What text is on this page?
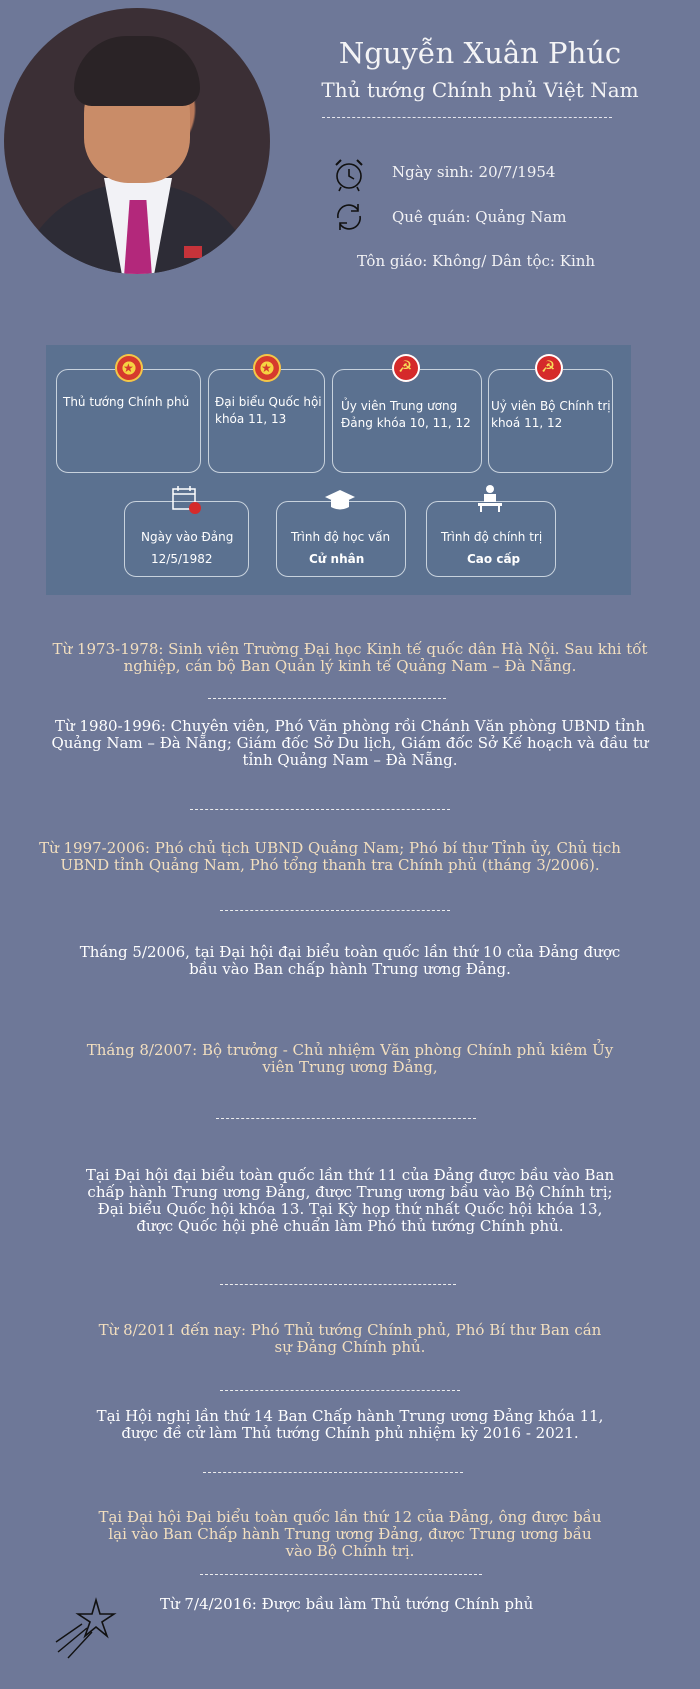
Nguyễn Xuân Phúc
Thủ tướng Chính phủ Việt Nam
Ngày sinh: 20/7/1954
Quê quán: Quảng Nam
Tôn giáo: Không/ Dân tộc: Kinh
Thủ tướng Chính phủ
★ Đại biểu Quốc hội
khóa 11, 13
★
Ủy viên Trung ương
Đảng khóa 10, 11, 12
☭
Uỷ viên Bộ Chính trị
khoá 11, 12
☭
Ngày vào Đảng
12/5/1982
Trình độ học vấn
Cử nhân
Trình độ chính trị
Cao cấp
Từ 1973-1978: Sinh viên Trường Đại học Kinh tế quốc dân Hà Nội. Sau khi tốt
nghiệp, cán bộ Ban Quản lý kinh tế Quảng Nam – Đà Nẵng.
Từ 1980-1996: Chuyên viên, Phó Văn phòng rồi Chánh Văn phòng UBND tỉnh
Quảng Nam – Đà Nẵng; Giám đốc Sở Du lịch, Giám đốc Sở Kế hoạch và đầu tư
tỉnh Quảng Nam – Đà Nẵng.
Từ 1997-2006: Phó chủ tịch UBND Quảng Nam; Phó bí thư Tỉnh ủy, Chủ tịch
UBND tỉnh Quảng Nam, Phó tổng thanh tra Chính phủ (tháng 3/2006).
Tháng 5/2006, tại Đại hội đại biểu toàn quốc lần thứ 10 của Đảng được
bầu vào Ban chấp hành Trung ương Đảng.
Tháng 8/2007: Bộ trưởng - Chủ nhiệm Văn phòng Chính phủ kiêm Ủy
viên Trung ương Đảng,
Tại Đại hội đại biểu toàn quốc lần thứ 11 của Đảng được bầu vào Ban
chấp hành Trung ương Đảng, được Trung ương bầu vào Bộ Chính trị;
Đại biểu Quốc hội khóa 13. Tại Kỳ họp thứ nhất Quốc hội khóa 13,
được Quốc hội phê chuẩn làm Phó thủ tướng Chính phủ.
Từ 8/2011 đến nay: Phó Thủ tướng Chính phủ, Phó Bí thư Ban cán
sự Đảng Chính phủ.
Tại Hội nghị lần thứ 14 Ban Chấp hành Trung ương Đảng khóa 11,
được đề cử làm Thủ tướng Chính phủ nhiệm kỳ 2016 - 2021.
Tại Đại hội Đại biểu toàn quốc lần thứ 12 của Đảng, ông được bầu
lại vào Ban Chấp hành Trung ương Đảng, được Trung ương bầu
vào Bộ Chính trị.
Từ 7/4/2016: Được bầu làm Thủ tướng Chính phủ
